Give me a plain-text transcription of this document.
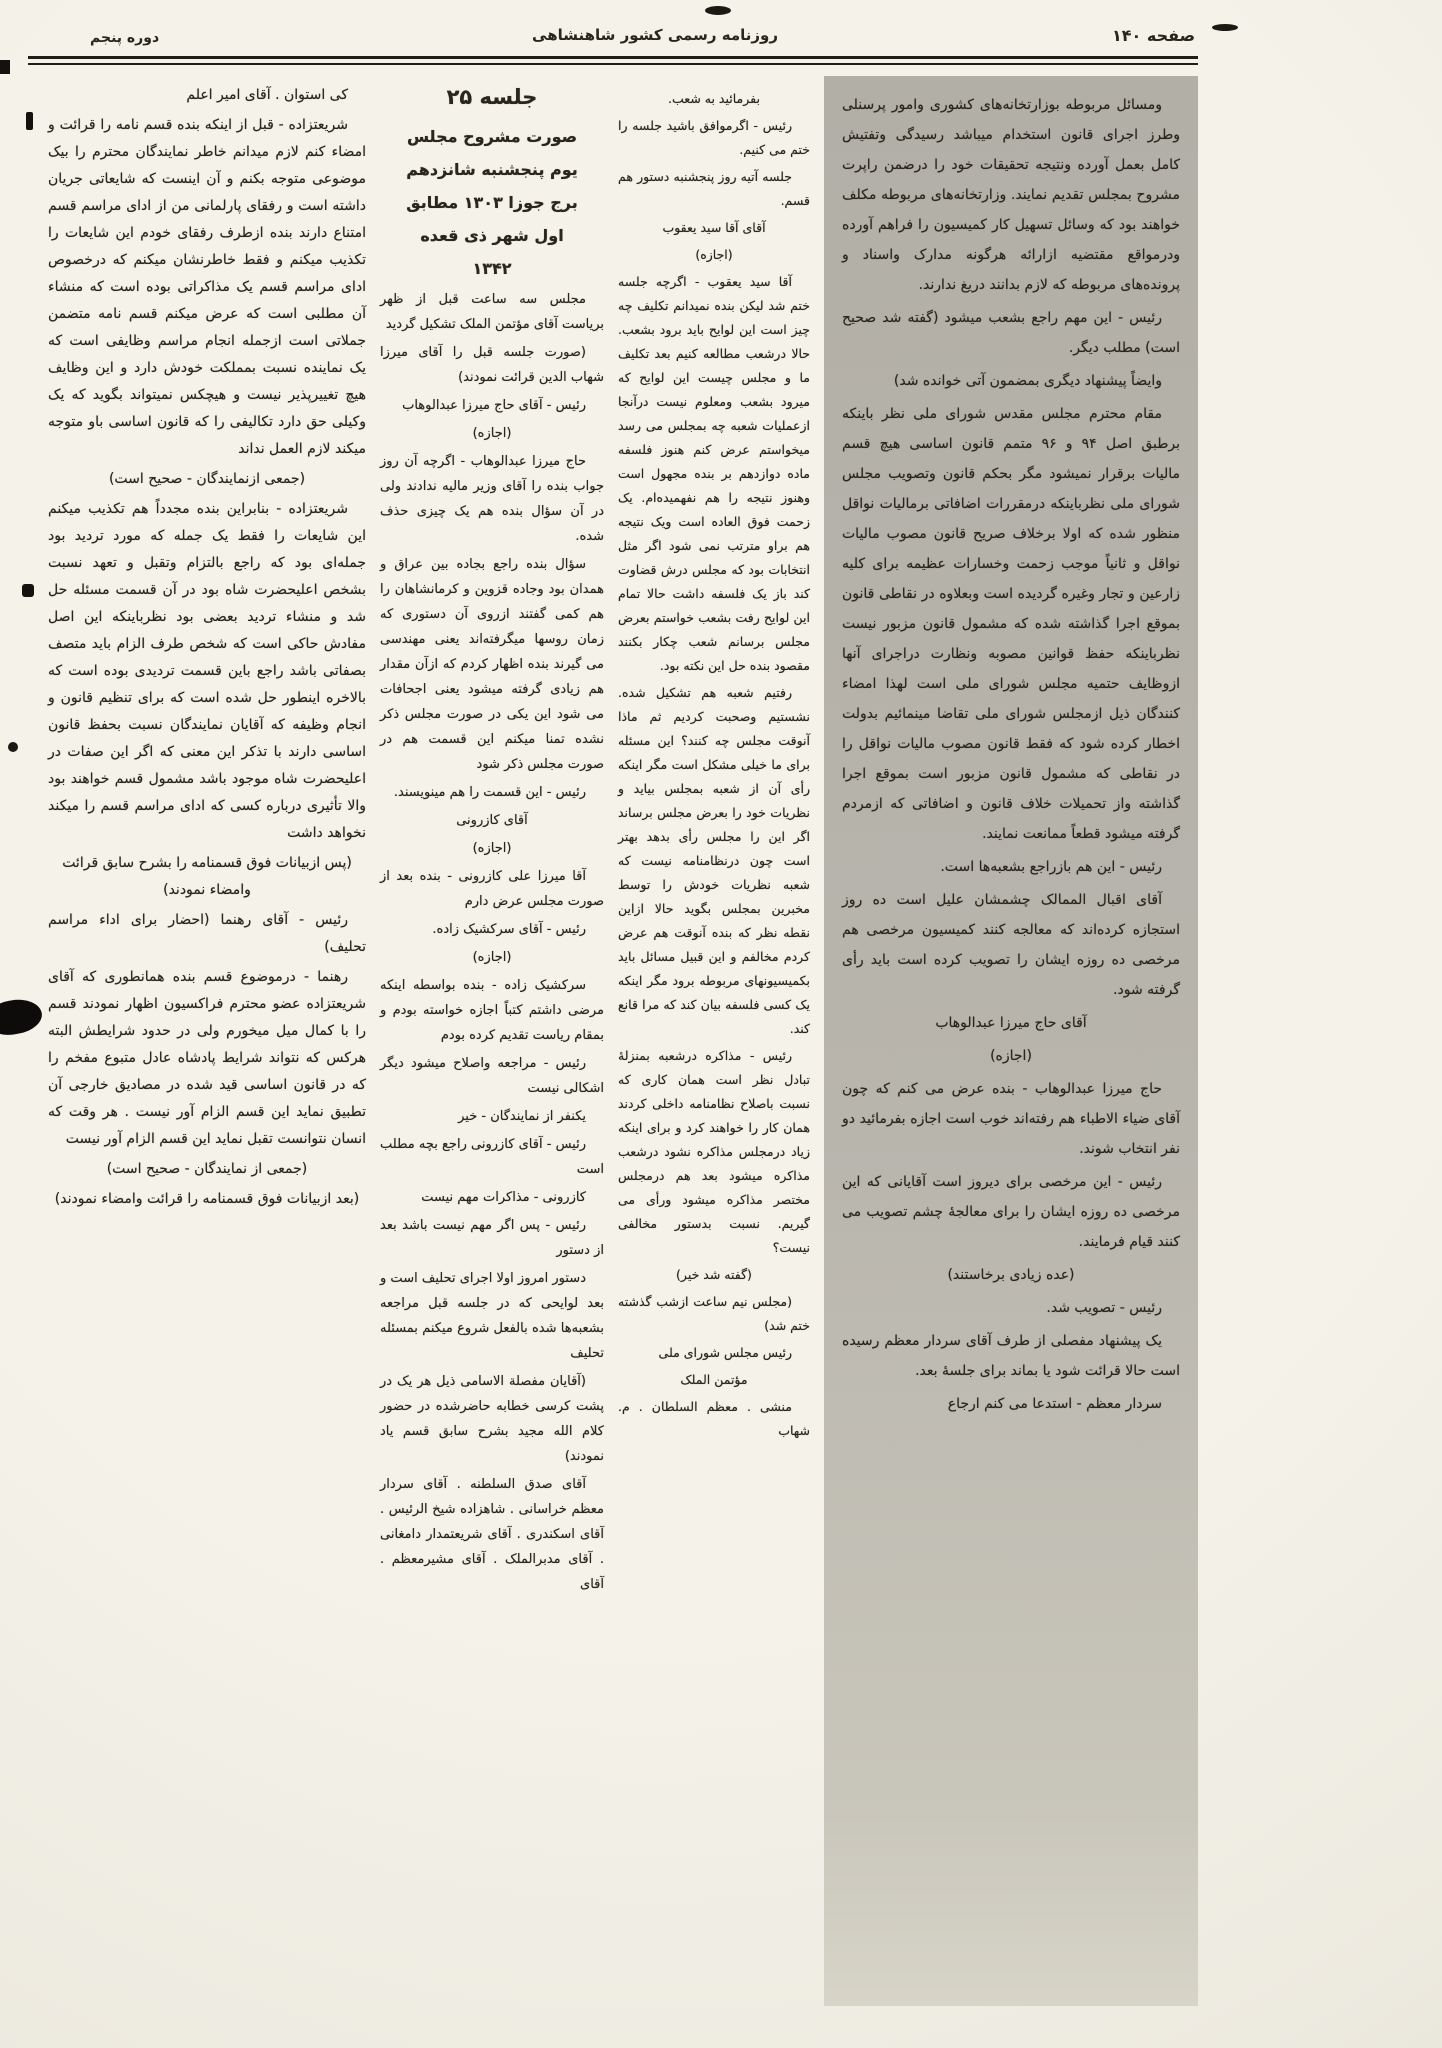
صفحه ۱۴۰
روزنامه رسمی کشور شاهنشاهی
دوره پنجم

ومسائل مربوطه بوزارتخانه‌های کشوری وامور پرسنلی وطرز اجرای قانون استخدام میباشد رسیدگی وتفتیش کامل بعمل آورده ونتیجه تحقیقات خود را درضمن راپرت مشروح بمجلس تقدیم نمایند. وزارتخانه‌های مربوطه مکلف خواهند بود که وسائل تسهیل کار کمیسیون را فراهم آورده ودرمواقع مقتضیه ازارائه هرگونه مدارک واسناد و پرونده‌های مربوطه که لازم بدانند دریغ ندارند.

رئیس - این مهم راجع بشعب میشود (گفته شد صحیح است) مطلب دیگر.

وایضاً پیشنهاد دیگری بمضمون آتی خوانده شد)

مقام محترم مجلس مقدس شورای ملی نظر باینکه برطبق اصل ۹۴ و ۹۶ متمم قانون اساسی هیچ قسم مالیات برقرار نمیشود مگر بحکم قانون وتصویب مجلس شورای ملی نظرباینکه درمقررات اضافاتی برمالیات نواقل منظور شده که اولا برخلاف صریح قانون مصوب مالیات نواقل و ثانیاً موجب زحمت وخسارات عظیمه برای کلیه زارعین و تجار وغیره گردیده است وبعلاوه در نقاطی قانون بموقع اجرا گذاشته شده که مشمول قانون مزبور نیست نظرباینکه حفظ قوانین مصوبه ونظارت دراجرای آنها ازوظایف حتمیه مجلس شورای ملی است لهذا امضاء کنندگان ذیل ازمجلس شورای ملی تقاضا مینمائیم بدولت اخطار کرده شود که فقط قانون مصوب مالیات نواقل را در نقاطی که مشمول قانون مزبور است بموقع اجرا گذاشته واز تحمیلات خلاف قانون و اضافاتی که ازمردم گرفته میشود قطعاً ممانعت نمایند.

رئیس - این هم بازراجع بشعبه‌ها است.

آقای اقبال الممالک چشمشان علیل است ده روز استجازه کرده‌اند که معالجه کنند کمیسیون مرخصی هم مرخصی ده روزه ایشان را تصویب کرده است باید رأی گرفته شود.

آقای حاج میرزا عبدالوهاب

(اجازه)

حاج میرزا عبدالوهاب - بنده عرض می کنم که چون آقای ضیاء الاطباء هم رفته‌اند خوب است اجازه بفرمائید دو نفر انتخاب شوند.

رئیس - این مرخصی برای دیروز است آقایانی که این مرخصی ده روزه ایشان را برای معالجهٔ چشم تصویب می کنند قیام فرمایند.

(عده زیادی برخاستند)

رئیس - تصویب شد.

یک پیشنهاد مفصلی از طرف آقای سردار معظم رسیده است حالا قرائت شود یا بماند برای جلسهٔ بعد.

سردار معظم - استدعا می کنم ارجاع

بفرمائید به شعب.

رئیس - اگرموافق باشید جلسه را ختم می کنیم.

جلسه آتیه روز پنجشنبه دستور هم قسم.

آقای آقا سید یعقوب

(اجازه)

آقا سید یعقوب - اگرچه جلسه ختم شد لیکن بنده نمیدانم تکلیف چه چیز است این لوایح باید برود بشعب. حالا درشعب مطالعه کنیم بعد تکلیف ما و مجلس چیست این لوایح که میرود بشعب ومعلوم نیست درآنجا ازعملیات شعبه چه بمجلس می رسد میخواستم عرض کنم هنوز فلسفه ماده دوازدهم بر بنده مجهول است وهنوز نتیجه را هم نفهمیده‌ام. یک زحمت فوق العاده است ویک نتیجه هم براو مترتب نمی شود اگر مثل انتخابات بود که مجلس درش قضاوت کند باز یک فلسفه داشت حالا تمام این لوایح رفت بشعب خواستم بعرض مجلس برسانم شعب چکار بکنند مقصود بنده حل این نکته بود.

رفتیم شعبه هم تشکیل شده. نشستیم وصحبت کردیم ثم ماذا آنوقت مجلس چه کنند؟ این مسئله برای ما خیلی مشکل است مگر اینکه رأی آن از شعبه بمجلس بیاید و نظریات خود را بعرض مجلس برساند اگر این را مجلس رأی بدهد بهتر است چون درنظامنامه نیست که شعبه نظریات خودش را توسط مخبرین بمجلس بگوید حالا ازاین نقطه نظر که بنده آنوقت هم عرض کردم مخالفم و این قبیل مسائل باید بکمیسیونهای مربوطه برود مگر اینکه یک کسی فلسفه بیان کند که مرا قانع کند.

رئیس - مذاکره درشعبه بمنزلهٔ تبادل نظر است همان کاری که نسبت باصلاح نظامنامه داخلی کردند همان کار را خواهند کرد و برای اینکه زیاد درمجلس مذاکره نشود درشعب مذاکره میشود بعد هم درمجلس مختصر مذاکره میشود ورأی می گیریم. نسبت بدستور مخالفی نیست؟

(گفته شد خیر)

(مجلس نیم ساعت ازشب گذشته ختم شد)

رئیس مجلس شورای ملی

مؤتمن الملک

منشی . معظم السلطان . م. شهاب

جلسه ۲۵

صورت مشروح مجلس

یوم پنجشنبه شانزدهم

برج جوزا ۱۳۰۳ مطابق

اول شهر ذی قعده

۱۳۴۲

مجلس سه ساعت قبل از ظهر بریاست آقای مؤتمن الملک تشکیل گردید

(صورت جلسه قبل را آقای میرزا شهاب الدین قرائت نمودند)

رئیس - آقای حاج میرزا عبدالوهاب

(اجازه)

حاج میرزا عبدالوهاب - اگرچه آن روز جواب بنده را آقای وزیر مالیه ندادند ولی در آن سؤال بنده هم یک چیزی حذف شده.

سؤال بنده راجع بجاده بین عراق و همدان بود وجاده قزوین و کرمانشاهان را هم کمی گفتند ازروی آن دستوری که زمان روسها میگرفته‌اند یعنی مهندسی می گیرند بنده اظهار کردم که ازآن مقدار هم زیادی گرفته میشود یعنی اجحافات می شود این یکی در صورت مجلس ذکر نشده تمنا میکنم این قسمت هم در صورت مجلس ذکر شود

رئیس - این قسمت را هم مینویسند.

آقای کازرونی

(اجازه)

آقا میرزا علی کازرونی - بنده بعد از صورت مجلس عرض دارم

رئیس - آقای سرکشیک زاده.

(اجازه)

سرکشیک زاده - بنده بواسطه اینکه مرضی داشتم کتباً اجازه خواسته بودم و بمقام ریاست تقدیم کرده بودم

رئیس - مراجعه واصلاح میشود دیگر اشکالی نیست

یکنفر از نمایندگان - خیر

رئیس - آقای کازرونی راجع بچه مطلب است

کازرونی - مذاکرات مهم نیست

رئیس - پس اگر مهم نیست باشد بعد از دستور

دستور امروز اولا اجرای تحلیف است و بعد لوایحی که در جلسه قبل مراجعه بشعبه‌ها شده بالفعل شروع میکنم بمسئله تحلیف

(آقایان مفصلة الاسامی ذیل هر یک در پشت کرسی خطابه حاضرشده در حضور کلام الله مجید بشرح سابق قسم یاد نمودند)

آقای صدق السلطنه . آقای سردار معظم خراسانی . شاهزاده شیخ الرئیس . آقای اسکندری . آقای شریعتمدار دامغانی . آقای مدبرالملک . آقای مشیرمعظم . آقای

کی استوان . آقای امیر اعلم

شریعتزاده - قبل از اینکه بنده قسم نامه را قرائت و امضاء کنم لازم میدانم خاطر نمایندگان محترم را بیک موضوعی متوجه بکنم و آن اینست که شایعاتی جریان داشته است و رفقای پارلمانی من از ادای مراسم قسم امتناع دارند بنده ازطرف رفقای خودم این شایعات را تکذیب میکنم و فقط خاطرنشان میکنم که درخصوص ادای مراسم قسم یک مذاکراتی بوده است که منشاء آن مطلبی است که عرض میکنم قسم نامه متضمن جملاتی است ازجمله انجام مراسم وظایفی است که یک نماینده نسبت بمملکت خودش دارد و این وظایف هیچ تغییرپذیر نیست و هیچکس نمیتواند بگوید که یک وکیلی حق دارد تکالیفی را که قانون اساسی باو متوجه میکند لازم العمل نداند

(جمعی ازنمایندگان - صحیح است)

شریعتزاده - بنابراین بنده مجدداً هم تکذیب میکنم این شایعات را فقط یک جمله که مورد تردید بود جمله‌ای بود که راجع بالتزام وتقبل و تعهد نسبت بشخص اعلیحضرت شاه بود در آن قسمت مسئله حل شد و منشاء تردید بعضی بود نظرباینکه این اصل مفادش حاکی است که شخص طرف الزام باید متصف بصفاتی باشد راجع باین قسمت تردیدی بوده است که بالاخره اینطور حل شده است که برای تنظیم قانون و انجام وظیفه که آقایان نمایندگان نسبت بحفظ قانون اساسی دارند با تذکر این معنی که اگر این صفات در اعلیحضرت شاه موجود باشد مشمول قسم خواهند بود والا تأثیری درباره کسی که ادای مراسم قسم را میکند نخواهد داشت

(پس ازبیانات فوق قسمنامه را بشرح سابق قرائت وامضاء نمودند)

رئیس - آقای رهنما (احضار برای اداء مراسم تحلیف)

رهنما - درموضوع قسم بنده همانطوری که آقای شریعتزاده عضو محترم فراکسیون اظهار نمودند قسم را با کمال میل میخورم ولی در حدود شرایطش البته هرکس که نتواند شرایط پادشاه عادل متبوع مفخم را که در قانون اساسی قید شده در مصادیق خارجی آن تطبیق نماید این قسم الزام آور نیست . هر وقت که انسان نتوانست تقبل نماید این قسم الزام آور نیست

(جمعی از نمایندگان - صحیح است)

(بعد ازبیانات فوق قسمنامه را قرائت وامضاء نمودند)
